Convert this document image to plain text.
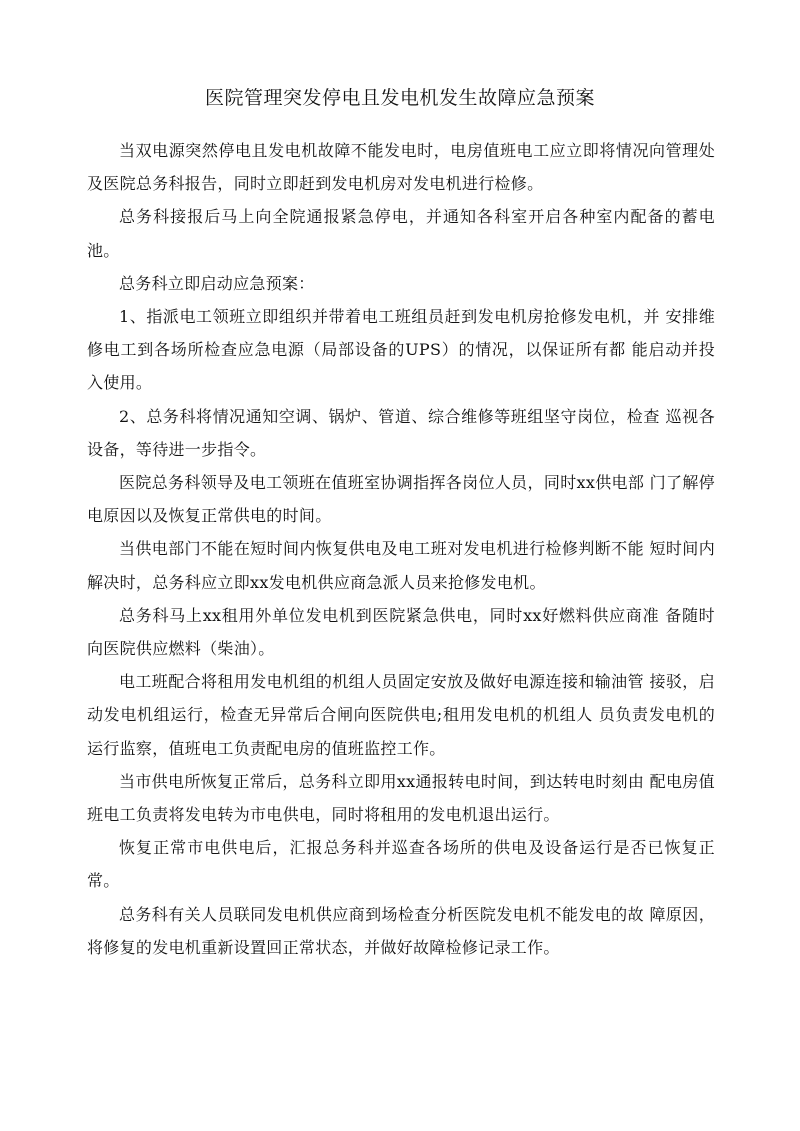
医院管理突发停电且发电机发生故障应急预案

当双电源突然停电且发电机故障不能发电时，电房值班电工应立即将情况向管理处及医院总务科报告，同时立即赶到发电机房对发电机进行检修。

总务科接报后马上向全院通报紧急停电，并通知各科室开启各种室内配备的蓄电池。

总务科立即启动应急预案：

1、指派电工领班立即组织并带着电工班组员赶到发电机房抢修发电机，并 安排维修电工到各场所检查应急电源（局部设备的UPS）的情况，以保证所有都 能启动并投入使用。

2、总务科将情况通知空调、锅炉、管道、综合维修等班组坚守岗位，检查 巡视各设备，等待进一步指令。

医院总务科领导及电工领班在值班室协调指挥各岗位人员，同时xx供电部 门了解停电原因以及恢复正常供电的时间。

当供电部门不能在短时间内恢复供电及电工班对发电机进行检修判断不能 短时间内解决时，总务科应立即xx发电机供应商急派人员来抢修发电机。

总务科马上xx租用外单位发电机到医院紧急供电，同时xx好燃料供应商准 备随时向医院供应燃料（柴油）。

电工班配合将租用发电机组的机组人员固定安放及做好电源连接和输油管 接驳，启动发电机组运行，检查无异常后合闸向医院供电;租用发电机的机组人 员负责发电机的运行监察，值班电工负责配电房的值班监控工作。

当市供电所恢复正常后，总务科立即用xx通报转电时间，到达转电时刻由 配电房值班电工负责将发电转为市电供电，同时将租用的发电机退出运行。

恢复正常市电供电后，汇报总务科并巡查各场所的供电及设备运行是否已恢复正常。

总务科有关人员联同发电机供应商到场检查分析医院发电机不能发电的故 障原因，将修复的发电机重新设置回正常状态，并做好故障检修记录工作。
